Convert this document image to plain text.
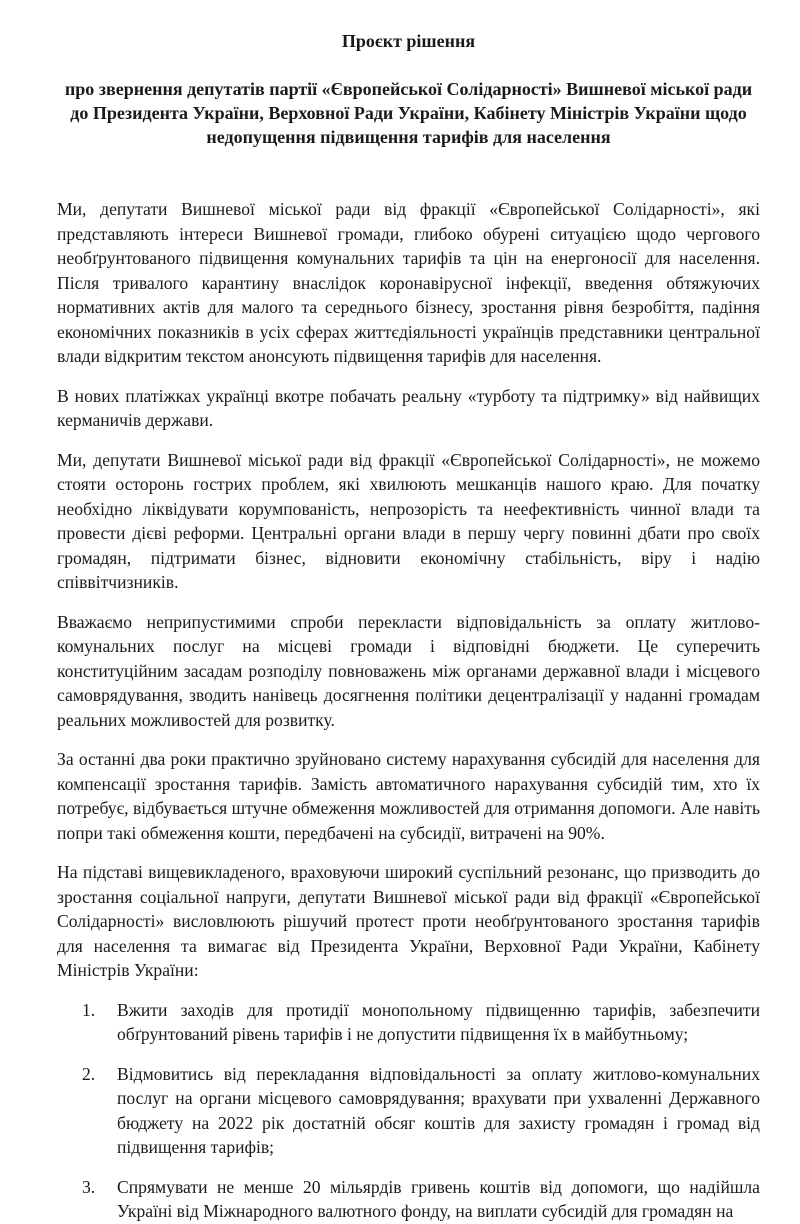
Проєкт рішення
про звернення депутатів партії «Європейської Солідарності» Вишневої міської ради до Президента України, Верховної Ради України, Кабінету Міністрів України щодо недопущення підвищення тарифів для населення

Ми, депутати Вишневої міської ради від фракції «Європейської Солідарності», які представляють інтереси Вишневої громади, глибоко обурені ситуацією щодо чергового необґрунтованого підвищення комунальних тарифів та цін на енергоносії для населення. Після тривалого карантину внаслідок коронавірусної інфекції, введення обтяжуючих нормативних актів для малого та середнього бізнесу, зростання рівня безробіття, падіння економічних показників в усіх сферах життєдіяльності українців представники центральної влади відкритим текстом анонсують підвищення тарифів для населення.

В нових платіжках українці вкотре побачать реальну «турботу та підтримку» від найвищих керманичів держави.

Ми, депутати Вишневої міської ради від фракції «Європейської Солідарності», не можемо стояти осторонь гострих проблем, які хвилюють мешканців нашого краю. Для початку необхідно ліквідувати корумпованість, непрозорість та неефективність чинної влади та провести дієві реформи. Центральні органи влади в першу чергу повинні дбати про своїх громадян, підтримати бізнес, відновити економічну стабільність, віру і надію співвітчизників.

Вважаємо неприпустимими спроби перекласти відповідальність за оплату житлово-комунальних послуг на місцеві громади і відповідні бюджети. Це суперечить конституційним засадам розподілу повноважень між органами державної влади і місцевого самоврядування, зводить нанівець досягнення політики децентралізації у наданні громадам реальних можливостей для розвитку.

За останні два роки практично зруйновано систему нарахування субсидій для населення для компенсації зростання тарифів. Замість автоматичного нарахування субсидій тим, хто їх потребує, відбувається штучне обмеження можливостей для отримання допомоги. Але навіть попри такі обмеження кошти, передбачені на субсидії, витрачені на 90%.

На підставі вищевикладеного, враховуючи широкий суспільний резонанс, що призводить до зростання соціальної напруги, депутати Вишневої міської ради від фракції «Європейської Солідарності» висловлюють рішучий протест проти необґрунтованого зростання тарифів для населення та вимагає від Президента України, Верховної Ради України, Кабінету Міністрів України:

1.	Вжити заходів для протидії монопольному підвищенню тарифів, забезпечити обґрунтований рівень тарифів і не допустити підвищення їх в майбутньому;
2.	Відмовитись від перекладання відповідальності за оплату житлово-комунальних послуг на органи місцевого самоврядування; врахувати при ухваленні Державного бюджету на 2022 рік достатній обсяг коштів для захисту громадян і громад від підвищення тарифів;
3.	Спрямувати не менше 20 мільярдів гривень коштів від допомоги, що надійшла Україні від Міжнародного валютного фонду, на виплати субсидій для громадян на
